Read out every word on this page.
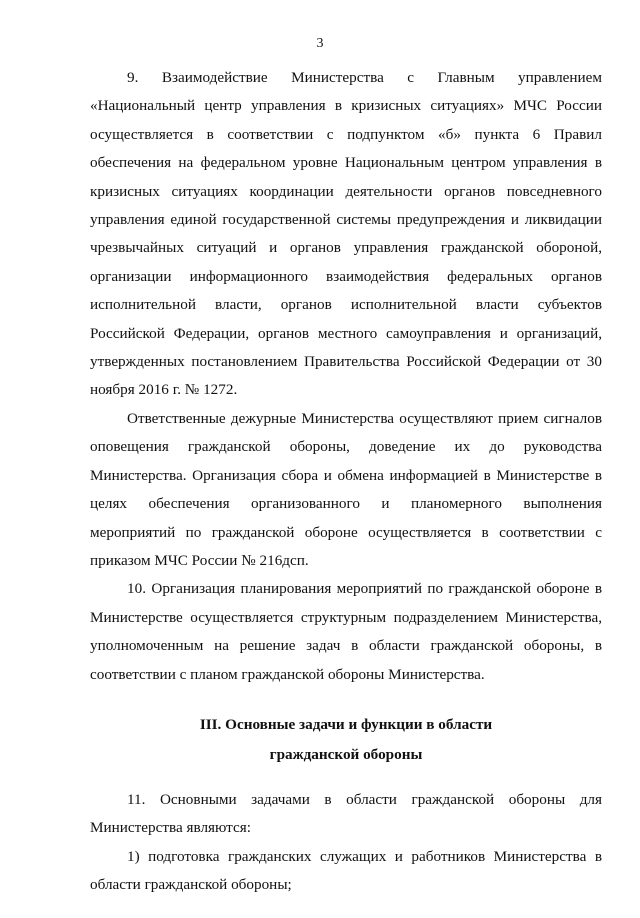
3

9. Взаимодействие Министерства с Главным управлением «Национальный центр управления в кризисных ситуациях» МЧС России осуществляется в соответствии с подпунктом «б» пункта 6 Правил обеспечения на федеральном уровне Национальным центром управления в кризисных ситуациях координации деятельности органов повседневного управления единой государственной системы предупреждения и ликвидации чрезвычайных ситуаций и органов управления гражданской обороной, организации информационного взаимодействия федеральных органов исполнительной власти, органов исполнительной власти субъектов Российской Федерации, органов местного самоуправления и организаций, утвержденных постановлением Правительства Российской Федерации от 30 ноября 2016 г. № 1272.

Ответственные дежурные Министерства осуществляют прием сигналов оповещения гражданской обороны, доведение их до руководства Министерства. Организация сбора и обмена информацией в Министерстве в целях обеспечения организованного и планомерного выполнения мероприятий по гражданской обороне осуществляется в соответствии с приказом МЧС России № 216дсп.

10. Организация планирования мероприятий по гражданской обороне в Министерстве осуществляется структурным подразделением Министерства, уполномоченным на решение задач в области гражданской обороны, в соответствии с планом гражданской обороны Министерства.

III. Основные задачи и функции в области
гражданской обороны

11. Основными задачами в области гражданской обороны для Министерства являются:

1) подготовка гражданских служащих и работников Министерства в области гражданской обороны;
